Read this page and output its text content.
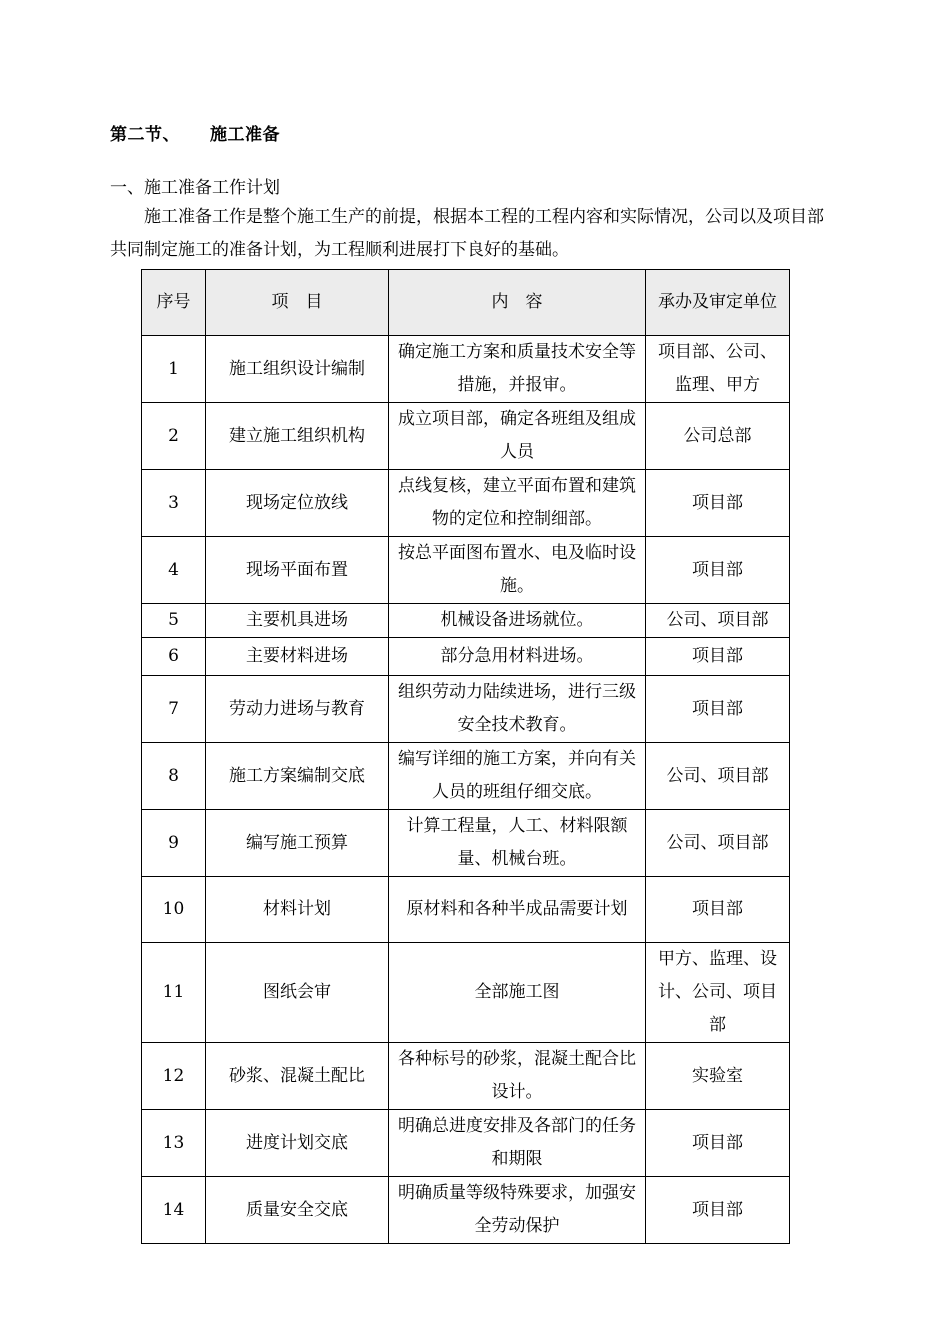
第二节、 施工准备
一、施工准备工作计划
施工准备工作是整个施工生产的前提，根据本工程的工程内容和实际情况，公司以及项目部共同制定施工的准备计划，为工程顺利进展打下良好的基础。
序号	项　目	内　容	承办及审定单位
1	施工组织设计编制	确定施工方案和质量技术安全等措施，并报审。	项目部、公司、监理、甲方
2	建立施工组织机构	成立项目部，确定各班组及组成人员	公司总部
3	现场定位放线	点线复核，建立平面布置和建筑物的定位和控制细部。	项目部
4	现场平面布置	按总平面图布置水、电及临时设施。	项目部
5	主要机具进场	机械设备进场就位。	公司、项目部
6	主要材料进场	部分急用材料进场。	项目部
7	劳动力进场与教育	组织劳动力陆续进场，进行三级安全技术教育。	项目部
8	施工方案编制交底	编写详细的施工方案，并向有关人员的班组仔细交底。	公司、项目部
9	编写施工预算	计算工程量，人工、材料限额量、机械台班。	公司、项目部
10	材料计划	原材料和各种半成品需要计划	项目部
11	图纸会审	全部施工图	甲方、监理、设计、公司、项目部
12	砂浆、混凝土配比	各种标号的砂浆，混凝土配合比设计。	实验室
13	进度计划交底	明确总进度安排及各部门的任务和期限	项目部
14	质量安全交底	明确质量等级特殊要求，加强安全劳动保护	项目部
